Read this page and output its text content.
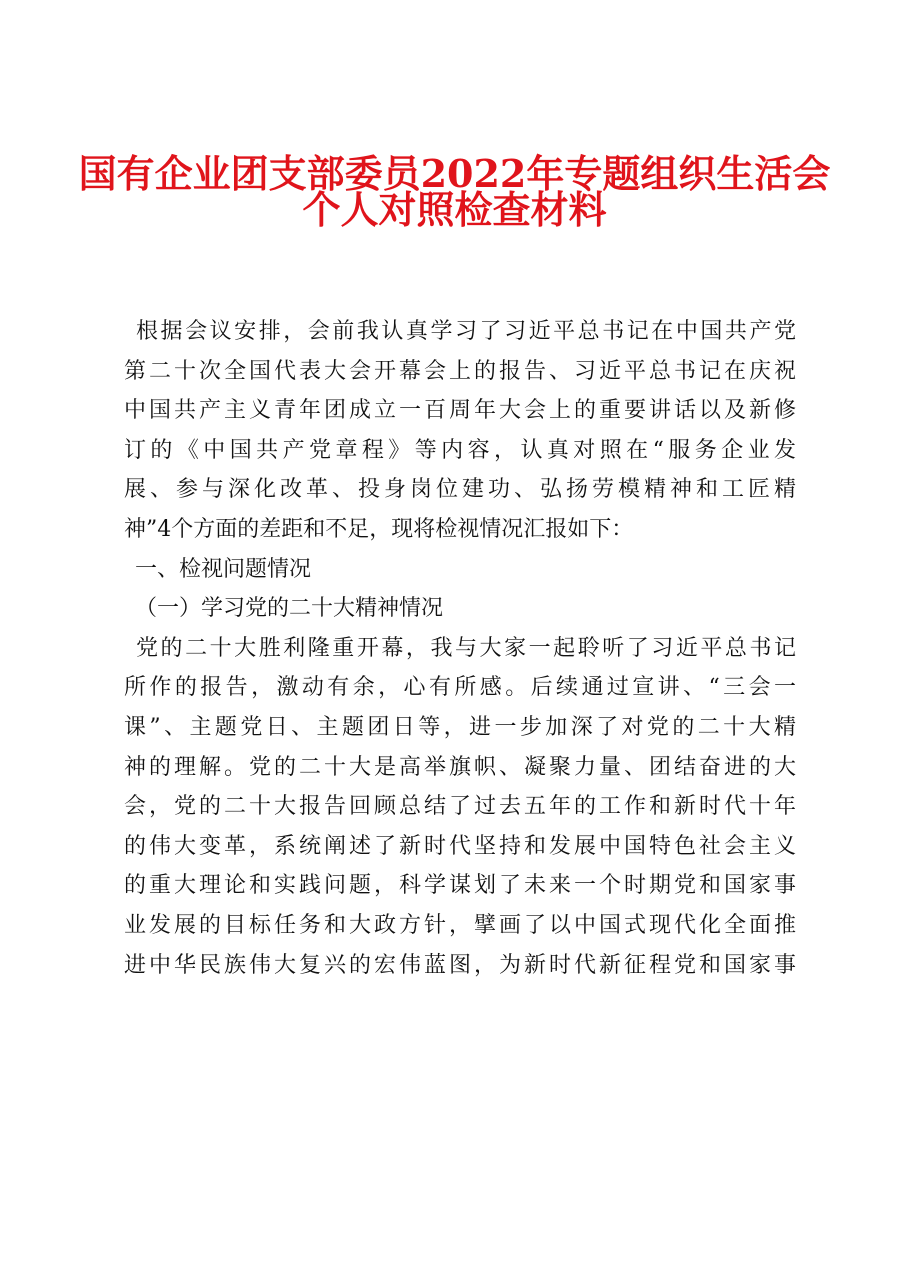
国有企业团支部委员2022年专题组织生活会
个人对照检查材料
根据会议安排，会前我认真学习了习近平总书记在中国共产党
第二十次全国代表大会开幕会上的报告、习近平总书记在庆祝
中国共产主义青年团成立一百周年大会上的重要讲话以及新修
订的《中国共产党章程》等内容，认真对照在“服务企业发
展、参与深化改革、投身岗位建功、弘扬劳模精神和工匠精
神”4个方面的差距和不足，现将检视情况汇报如下：
一、检视问题情况
（一）学习党的二十大精神情况
党的二十大胜利隆重开幕，我与大家一起聆听了习近平总书记
所作的报告，激动有余，心有所感。后续通过宣讲、“三会一
课”、主题党日、主题团日等，进一步加深了对党的二十大精
神的理解。党的二十大是高举旗帜、凝聚力量、团结奋进的大
会，党的二十大报告回顾总结了过去五年的工作和新时代十年
的伟大变革，系统阐述了新时代坚持和发展中国特色社会主义
的重大理论和实践问题，科学谋划了未来一个时期党和国家事
业发展的目标任务和大政方针，擘画了以中国式现代化全面推
进中华民族伟大复兴的宏伟蓝图，为新时代新征程党和国家事
